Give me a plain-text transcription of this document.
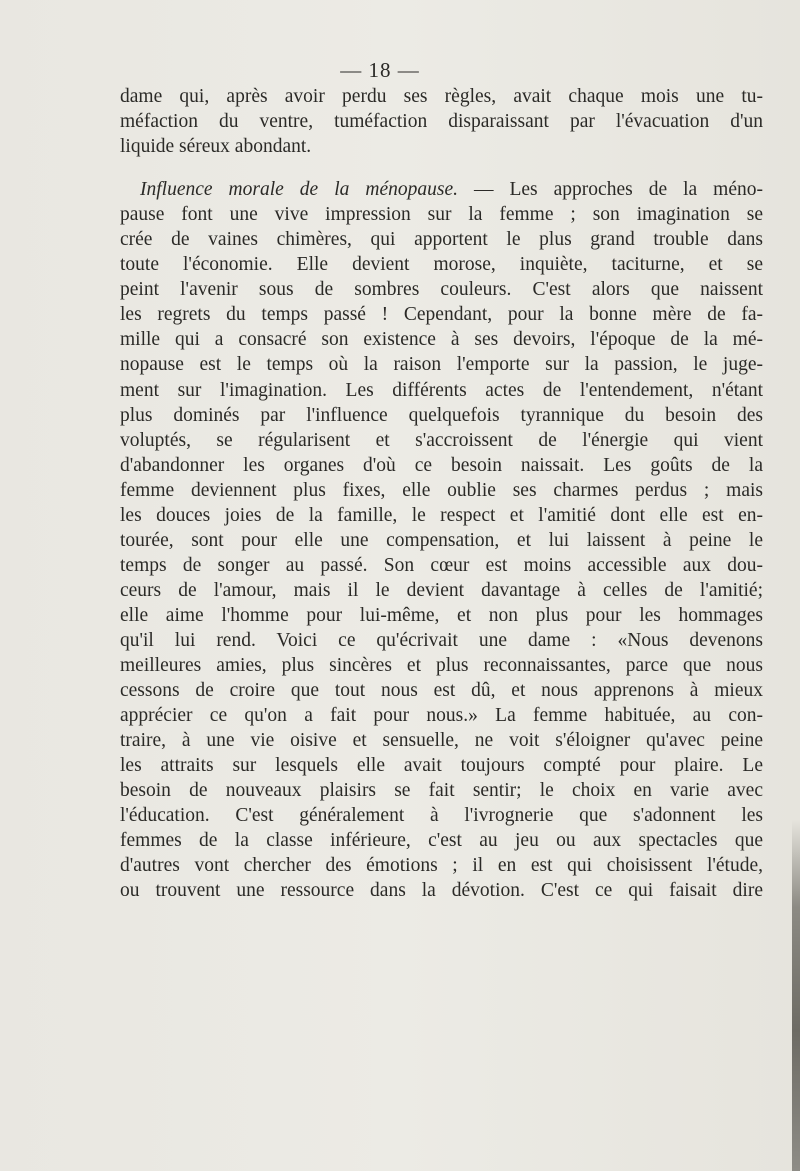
— 18 —
dame qui, après avoir perdu ses règles, avait chaque mois une tu-
méfaction du ventre, tuméfaction disparaissant par l'évacuation d'un
liquide séreux abondant.
Influence morale de la ménopause. — Les approches de la méno-
pause font une vive impression sur la femme ; son imagination se
crée de vaines chimères, qui apportent le plus grand trouble dans
toute l'économie. Elle devient morose, inquiète, taciturne, et se
peint l'avenir sous de sombres couleurs. C'est alors que naissent
les regrets du temps passé ! Cependant, pour la bonne mère de fa-
mille qui a consacré son existence à ses devoirs, l'époque de la mé-
nopause est le temps où la raison l'emporte sur la passion, le juge-
ment sur l'imagination. Les différents actes de l'entendement, n'étant
plus dominés par l'influence quelquefois tyrannique du besoin des
voluptés, se régularisent et s'accroissent de l'énergie qui vient
d'abandonner les organes d'où ce besoin naissait. Les goûts de la
femme deviennent plus fixes, elle oublie ses charmes perdus ; mais
les douces joies de la famille, le respect et l'amitié dont elle est en-
tourée, sont pour elle une compensation, et lui laissent à peine le
temps de songer au passé. Son cœur est moins accessible aux dou-
ceurs de l'amour, mais il le devient davantage à celles de l'amitié;
elle aime l'homme pour lui-même, et non plus pour les hommages
qu'il lui rend. Voici ce qu'écrivait une dame : «Nous devenons
meilleures amies, plus sincères et plus reconnaissantes, parce que nous
cessons de croire que tout nous est dû, et nous apprenons à mieux
apprécier ce qu'on a fait pour nous.» La femme habituée, au con-
traire, à une vie oisive et sensuelle, ne voit s'éloigner qu'avec peine
les attraits sur lesquels elle avait toujours compté pour plaire. Le
besoin de nouveaux plaisirs se fait sentir; le choix en varie avec
l'éducation. C'est généralement à l'ivrognerie que s'adonnent les
femmes de la classe inférieure, c'est au jeu ou aux spectacles que
d'autres vont chercher des émotions ; il en est qui choisissent l'étude,
ou trouvent une ressource dans la dévotion. C'est ce qui faisait dire
